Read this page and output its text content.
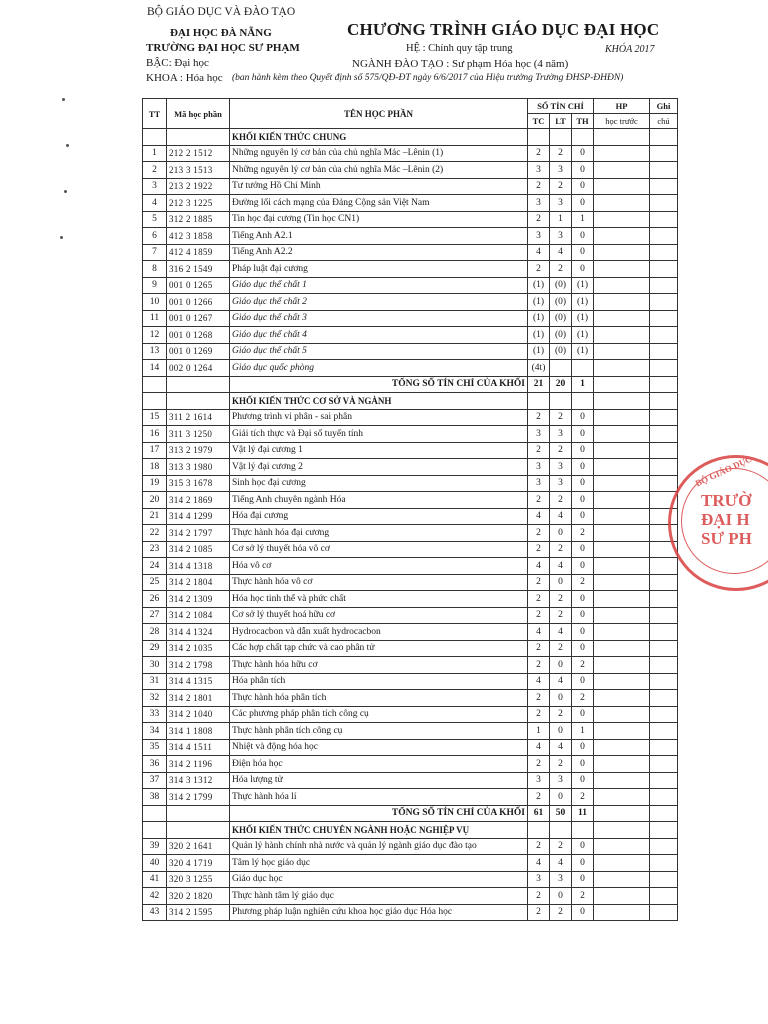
BỘ GIÁO DỤC VÀ ĐÀO TẠO
ĐẠI HỌC ĐÀ NẴNG
TRƯỜNG ĐẠI HỌC SƯ PHẠM
BẬC: Đại học
KHOA : Hóa học
CHƯƠNG TRÌNH GIÁO DỤC ĐẠI HỌC
HỆ : Chính quy tập trung	KHÓA 2017
NGÀNH ĐÀO TẠO : Sư phạm Hóa học (4 năm)
(ban hành kèm theo Quyết định số 575/QĐ-ĐT ngày 6/6/2017 của Hiệu trưởng Trường ĐHSP-ĐHĐN)
TT	Mã học phần	TÊN HỌC PHẦN	SỐ TÍN CHỈ			HP	Ghi
			TC	LT	TH	học trước	chú
		KHỐI KIẾN THỨC CHUNG					
1	212 2 1512	Những nguyên lý cơ bản của chủ nghĩa Mác –Lênin (1)	2	2	0		
2	213 3 1513	Những nguyên lý cơ bản của chủ nghĩa Mác –Lênin (2)	3	3	0		
3	213 2 1922	Tư tưởng Hồ Chí Minh	2	2	0		
4	212 3 1225	Đường lối cách mạng của Đảng Cộng sản Việt Nam	3	3	0		
5	312 2 1885	Tin học đại cương (Tin học CN1)	2	1	1		
6	412 3 1858	Tiếng Anh A2.1	3	3	0		
7	412 4 1859	Tiếng Anh A2.2	4	4	0		
8	316 2 1549	Pháp luật đại cương	2	2	0		
9	001 0 1265	Giáo dục thể chất 1	(1)	(0)	(1)		
10	001 0 1266	Giáo dục thể chất 2	(1)	(0)	(1)		
11	001 0 1267	Giáo dục thể chất 3	(1)	(0)	(1)		
12	001 0 1268	Giáo dục thể chất 4	(1)	(0)	(1)		
13	001 0 1269	Giáo dục thể chất 5	(1)	(0)	(1)		
14	002 0 1264	Giáo dục quốc phòng	(4t)				
		TỔNG SỐ TÍN CHỈ CỦA KHỐI	21	20	1		
		KHỐI KIẾN THỨC CƠ SỞ VÀ NGÀNH					
15	311 2 1614	Phương trình vi phân - sai phân	2	2	0		
16	311 3 1250	Giải tích thực và Đại số tuyến tính	3	3	0		
17	313 2 1979	Vật lý đại cương 1	2	2	0		
18	313 3 1980	Vật lý đại cương 2	3	3	0		
19	315 3 1678	Sinh học đại cương	3	3	0		
20	314 2 1869	Tiếng Anh chuyên ngành Hóa	2	2	0		
21	314 4 1299	Hóa đại cương	4	4	0		
22	314 2 1797	Thực hành hóa đại cương	2	0	2		
23	314 2 1085	Cơ sở lý thuyết hóa vô cơ	2	2	0		
24	314 4 1318	Hóa vô cơ	4	4	0		
25	314 2 1804	Thực hành hóa vô cơ	2	0	2		
26	314 2 1309	Hóa học tinh thể và phức chất	2	2	0		
27	314 2 1084	Cơ sở lý thuyết hoá hữu cơ	2	2	0		
28	314 4 1324	Hydrocacbon và dẫn xuất hydrocacbon	4	4	0		
29	314 2 1035	Các hợp chất tạp chức và cao phân tử	2	2	0		
30	314 2 1798	Thực hành hóa hữu cơ	2	0	2		
31	314 4 1315	Hóa phân tích	4	4	0		
32	314 2 1801	Thực hành hóa phân tích	2	0	2		
33	314 2 1040	Các phương pháp phân tích công cụ	2	2	0		
34	314 1 1808	Thực hành phân tích công cụ	1	0	1		
35	314 4 1511	Nhiệt và động hóa học	4	4	0		
36	314 2 1196	Điện hóa học	2	2	0		
37	314 3 1312	Hóa lượng tử	3	3	0		
38	314 2 1799	Thực hành hóa lí	2	0	2		
		TỔNG SỐ TÍN CHỈ CỦA KHỐI	61	50	11		
		KHỐI KIẾN THỨC CHUYÊN NGÀNH HOẶC NGHIỆP VỤ					
39	320 2 1641	Quản lý hành chính nhà nước và quản lý ngành giáo dục đào tạo	2	2	0		
40	320 4 1719	Tâm lý học giáo dục	4	4	0		
41	320 3 1255	Giáo dục học	3	3	0		
42	320 2 1820	Thực hành tâm lý giáo dục	2	0	2		
43	314 2 1595	Phương pháp luận nghiên cứu khoa học giáo dục Hóa học	2	2	0		
BỘ GIÁO DỤC
TRƯỜ
ĐẠI H
SƯ PH
